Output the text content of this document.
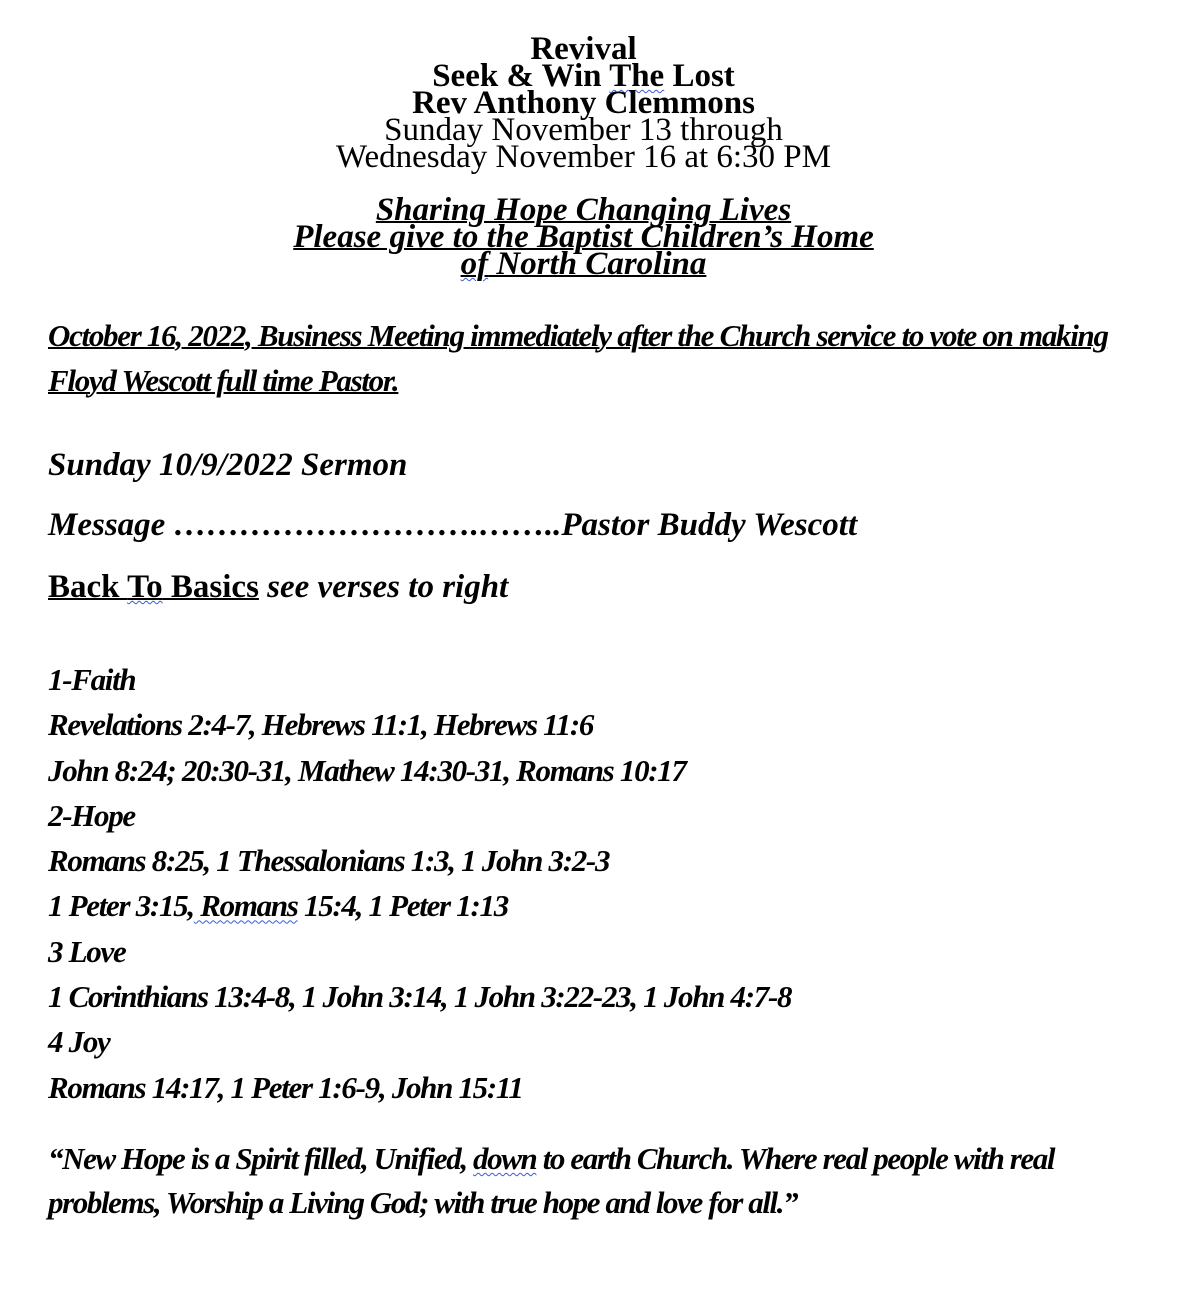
Revival
Seek & Win The Lost
Rev Anthony Clemmons
Sunday November 13 through
Wednesday November 16 at 6:30 PM
Sharing Hope Changing Lives
Please give to the Baptist Children’s Home
of North Carolina
October 16, 2022, Business Meeting immediately after the Church service to vote on making Floyd Wescott full time Pastor.
Sunday 10/9/2022 Sermon
Message ……………………….……..Pastor Buddy Wescott
Back To Basics see verses to right
1-Faith
Revelations 2:4-7, Hebrews 11:1, Hebrews 11:6
John 8:24; 20:30-31, Mathew 14:30-31, Romans 10:17
2-Hope
Romans 8:25, 1 Thessalonians 1:3, 1 John 3:2-3
1 Peter 3:15, Romans 15:4, 1 Peter 1:13
3 Love
1 Corinthians 13:4-8, 1 John 3:14, 1 John 3:22-23, 1 John 4:7-8
4 Joy
Romans 14:17, 1 Peter 1:6-9, John 15:11
“New Hope is a Spirit filled, Unified, down to earth Church. Where real people with real problems, Worship a Living God; with true hope and love for all.”
